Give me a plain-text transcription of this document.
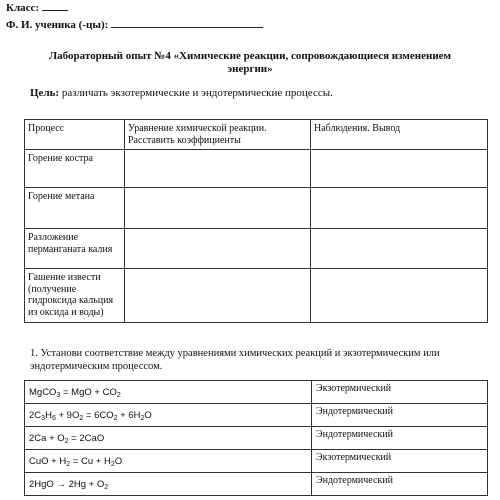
Класс:
Ф. И. ученика (-цы):
Лабораторный опыт №4 «Химические реакции, сопровождающиеся изменением
энергии»
Цель: различать экзотермические и эндотермические процессы.
Процесс	Уравнение химической реакции. Расставить коэффициенты	Наблюдения. Вывод
Горение костра		
Горение метана		
Разложение перманганата калия		
Гашение извести (получение гидроксида кальция из оксида и воды)		
1. Установи соответствие между уравнениями химических реакций и экзотермическим или эндотермическим процессом.
MgCO$_3$ = MgO + $CO_2$	Экзотермический
$2C_3H_6 + 9O_2 = 6CO_2 + 6H_2O$	Эндотермический
$2Ca + O_2 = 2CaO$	Эндотермический
CuO + $H_2 = Cu + H_2O$	Экзотермический
$2HgO \to 2Hg + O_2$	Эндотермический
